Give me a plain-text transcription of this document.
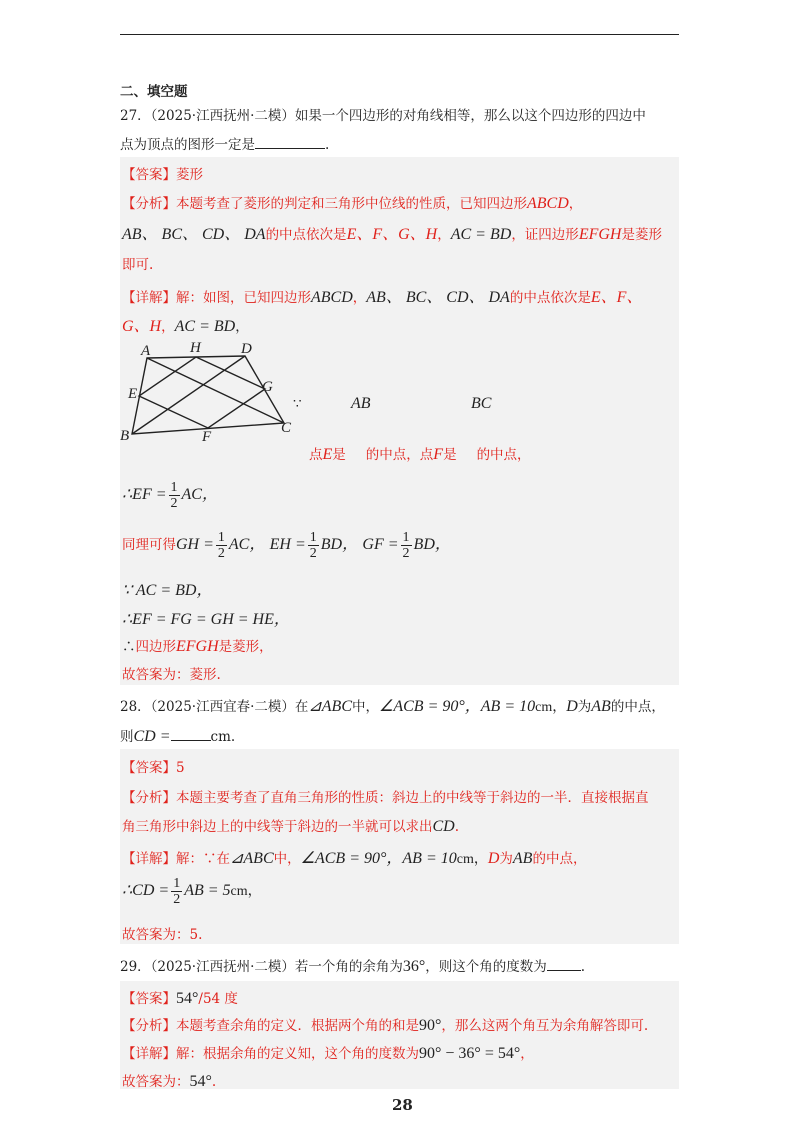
二、填空题
27．（2025·江西抚州·二模）如果一个四边形的对角线相等，那么以这个四边形的四边中
点为顶点的图形一定是	.
【答案】菱形
【分析】本题考查了菱形的判定和三角形中位线的性质，已知四边形ABCD，
AB、 BC、 CD、 DA的中点依次是E、F、G、H，AC = BD，证四边形EFGH是菱形
即可.
【详解】解：如图，已知四边形ABCD，AB、 BC、 CD、 DA的中点依次是E、F、
G、H，AC = BD，
A	H	D
E	G
B	F
C
∵	AB	BC
点E是 的中点，点F是 的中点，
∴EF = $\frac{1}{2}$ AC，
同理可得GH = $\frac{1}{2}$ AC， EH = $\frac{1}{2}$ BD， GF = $\frac{1}{2}$ BD，
∵ AC = BD，
∴EF = FG = GH = HE，
∴四边形EFGH是菱形，
故答案为：菱形.
28．（2025·江西宜春·二模）在⊿ABC中，∠ACB = 90°，AB = 10cm，D为AB的中点，
则CD =	cm.
【答案】5
【分析】本题主要考查了直角三角形的性质：斜边上的中线等于斜边的一半．直接根据直
角三角形中斜边上的中线等于斜边的一半就可以求出CD.
【详解】解：∵在⊿ABC中，∠ACB = 90°，AB = 10cm，D为AB的中点，
∴CD = $\frac{1}{2}$ AB = 5cm，
故答案为：5.
29．（2025·江西抚州·二模）若一个角的余角为36°，则这个角的度数为	.
【答案】54°/54 度
【分析】本题考查余角的定义．根据两个角的和是90°，那么这两个角互为余角解答即可.
【详解】解：根据余角的定义知，这个角的度数为90° − 36° = 54°，
故答案为：54°.
28
